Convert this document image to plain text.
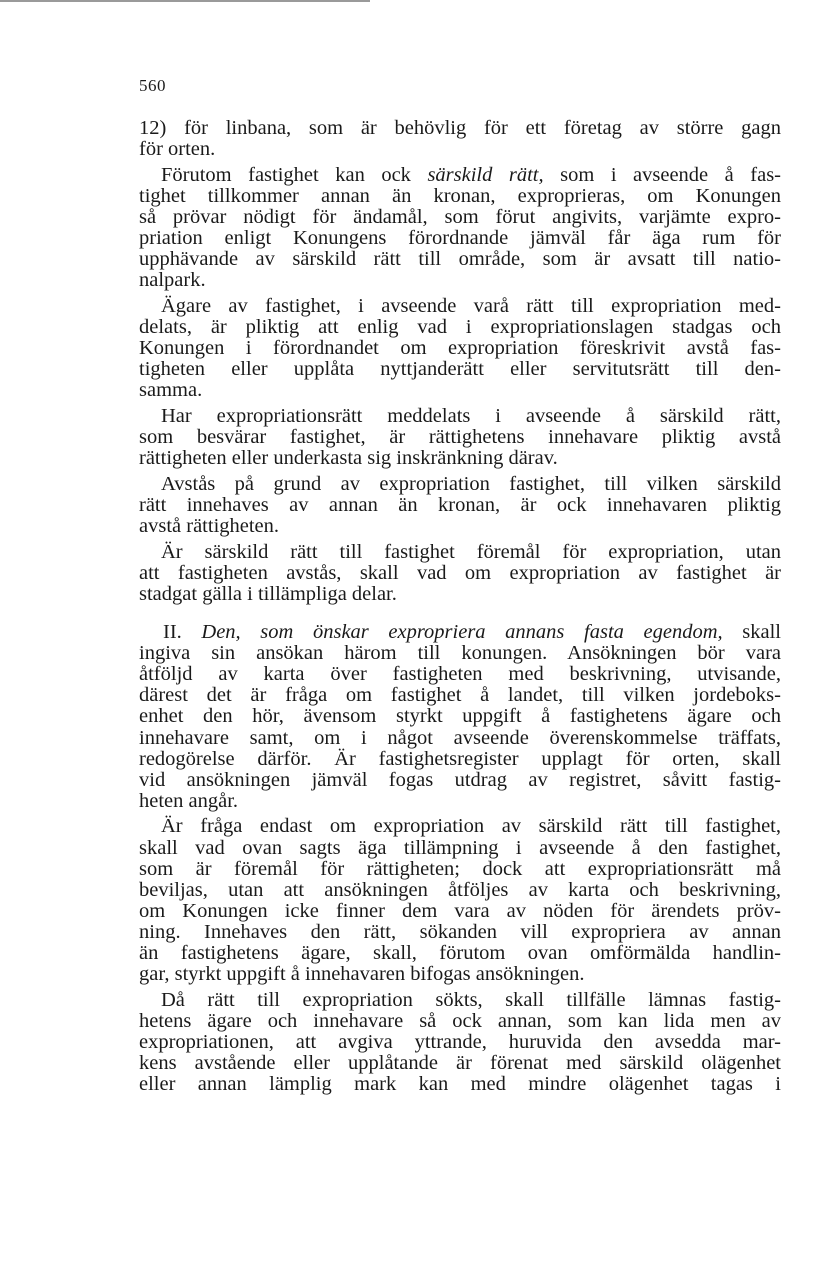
560
12) för linbana, som är behövlig för ett företag av större gagn
för orten.
Förutom fastighet kan ock särskild rätt, som i avseende å fas-
tighet tillkommer annan än kronan, exproprieras, om Konungen
så prövar nödigt för ändamål, som förut angivits, varjämte expro-
priation enligt Konungens förordnande jämväl får äga rum för
upphävande av särskild rätt till område, som är avsatt till natio-
nalpark.
Ägare av fastighet, i avseende varå rätt till expropriation med-
delats, är pliktig att enlig vad i expropriationslagen stadgas och
Konungen i förordnandet om expropriation föreskrivit avstå fas-
tigheten eller upplåta nyttjanderätt eller servitutsrätt till den-
samma.
Har expropriationsrätt meddelats i avseende å särskild rätt,
som besvärar fastighet, är rättighetens innehavare pliktig avstå
rättigheten eller underkasta sig inskränkning därav.
Avstås på grund av expropriation fastighet, till vilken särskild
rätt innehaves av annan än kronan, är ock innehavaren pliktig
avstå rättigheten.
Är särskild rätt till fastighet föremål för expropriation, utan
att fastigheten avstås, skall vad om expropriation av fastighet är
stadgat gälla i tillämpliga delar.
II. Den, som önskar expropriera annans fasta egendom, skall
ingiva sin ansökan härom till konungen. Ansökningen bör vara
åtföljd av karta över fastigheten med beskrivning, utvisande,
därest det är fråga om fastighet å landet, till vilken jordeboks-
enhet den hör, ävensom styrkt uppgift å fastighetens ägare och
innehavare samt, om i något avseende överenskommelse träffats,
redogörelse därför. Är fastighetsregister upplagt för orten, skall
vid ansökningen jämväl fogas utdrag av registret, såvitt fastig-
heten angår.
Är fråga endast om expropriation av särskild rätt till fastighet,
skall vad ovan sagts äga tillämpning i avseende å den fastighet,
som är föremål för rättigheten; dock att expropriationsrätt må
beviljas, utan att ansökningen åtföljes av karta och beskrivning,
om Konungen icke finner dem vara av nöden för ärendets pröv-
ning. Innehaves den rätt, sökanden vill expropriera av annan
än fastighetens ägare, skall, förutom ovan omförmälda handlin-
gar, styrkt uppgift å innehavaren bifogas ansökningen.
Då rätt till expropriation sökts, skall tillfälle lämnas fastig-
hetens ägare och innehavare så ock annan, som kan lida men av
expropriationen, att avgiva yttrande, huruvida den avsedda mar-
kens avstående eller upplåtande är förenat med särskild olägenhet
eller annan lämplig mark kan med mindre olägenhet tagas i
